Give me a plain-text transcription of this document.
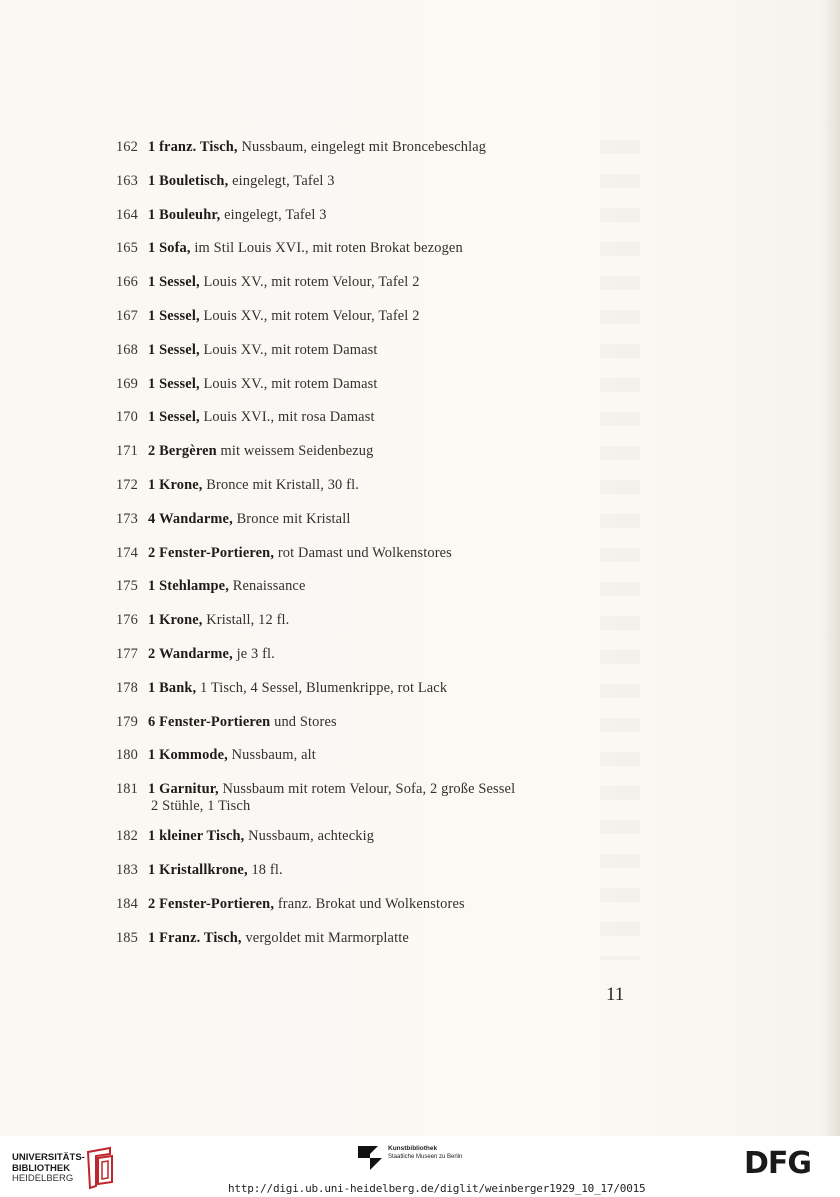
162 1 franz. Tisch, Nussbaum, eingelegt mit Broncebeschlag
163 1 Bouletisch, eingelegt, Tafel 3
164 1 Bouleuhr, eingelegt, Tafel 3
165 1 Sofa, im Stil Louis XVI., mit roten Brokat bezogen
166 1 Sessel, Louis XV., mit rotem Velour, Tafel 2
167 1 Sessel, Louis XV., mit rotem Velour, Tafel 2
168 1 Sessel, Louis XV., mit rotem Damast
169 1 Sessel, Louis XV., mit rotem Damast
170 1 Sessel, Louis XVI., mit rosa Damast
171 2 Bergèren mit weissem Seidenbezug
172 1 Krone, Bronce mit Kristall, 30 fl.
173 4 Wandarme, Bronce mit Kristall
174 2 Fenster-Portieren, rot Damast und Wolkenstores
175 1 Stehlampe, Renaissance
176 1 Krone, Kristall, 12 fl.
177 2 Wandarme, je 3 fl.
178 1 Bank, 1 Tisch, 4 Sessel, Blumenkrippe, rot Lack
179 6 Fenster-Portieren und Stores
180 1 Kommode, Nussbaum, alt
181 1 Garnitur, Nussbaum mit rotem Velour, Sofa, 2 große Sessel
2 Stühle, 1 Tisch
182 1 kleiner Tisch, Nussbaum, achteckig
183 1 Kristallkrone, 18 fl.
184 2 Fenster-Portieren, franz. Brokat und Wolkenstores
185 1 Franz. Tisch, vergoldet mit Marmorplatte
11
UNIVERSITÄTS-
BIBLIOTHEK
HEIDELBERG
Kunstbibliothek
Staatliche Museen zu Berlin	DFG
http://digi.ub.uni-heidelberg.de/diglit/weinberger1929_10_17/0015
